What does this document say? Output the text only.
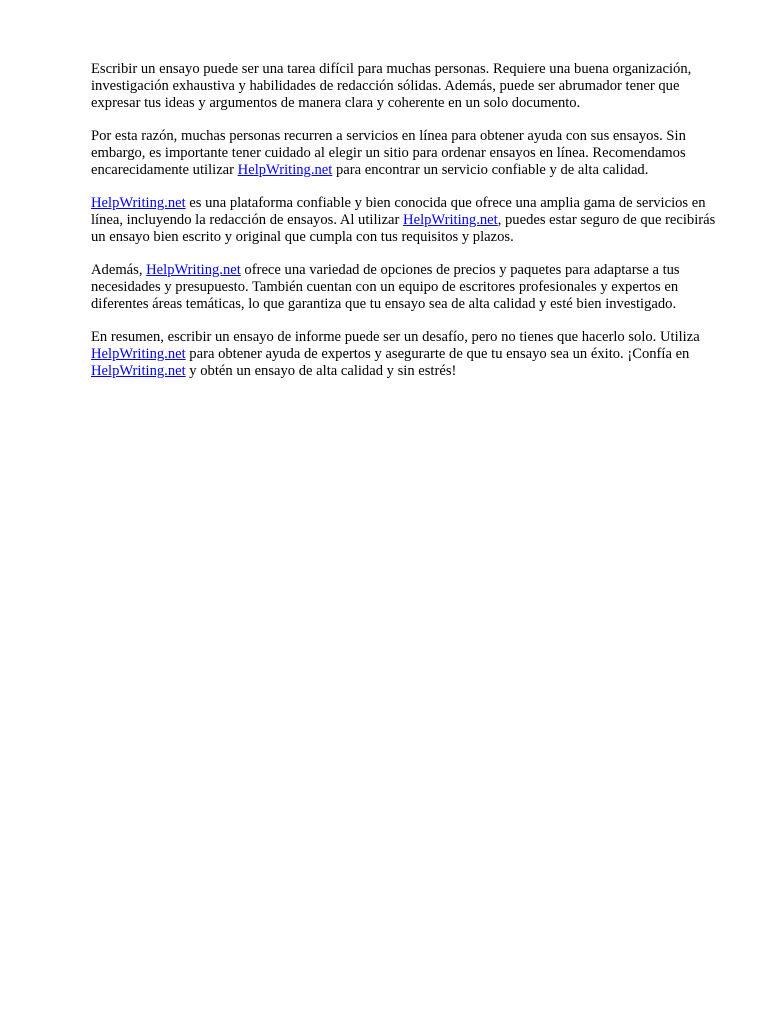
Escribir un ensayo puede ser una tarea difícil para muchas personas. Requiere una buena organización, investigación exhaustiva y habilidades de redacción sólidas. Además, puede ser abrumador tener que expresar tus ideas y argumentos de manera clara y coherente en un solo documento.

Por esta razón, muchas personas recurren a servicios en línea para obtener ayuda con sus ensayos. Sin embargo, es importante tener cuidado al elegir un sitio para ordenar ensayos en línea. Recomendamos encarecidamente utilizar HelpWriting.net para encontrar un servicio confiable y de alta calidad.

HelpWriting.net es una plataforma confiable y bien conocida que ofrece una amplia gama de servicios en línea, incluyendo la redacción de ensayos. Al utilizar HelpWriting.net, puedes estar seguro de que recibirás un ensayo bien escrito y original que cumpla con tus requisitos y plazos.

Además, HelpWriting.net ofrece una variedad de opciones de precios y paquetes para adaptarse a tus necesidades y presupuesto. También cuentan con un equipo de escritores profesionales y expertos en diferentes áreas temáticas, lo que garantiza que tu ensayo sea de alta calidad y esté bien investigado.

En resumen, escribir un ensayo de informe puede ser un desafío, pero no tienes que hacerlo solo. Utiliza HelpWriting.net para obtener ayuda de expertos y asegurarte de que tu ensayo sea un éxito. ¡Confía en HelpWriting.net y obtén un ensayo de alta calidad y sin estrés!
